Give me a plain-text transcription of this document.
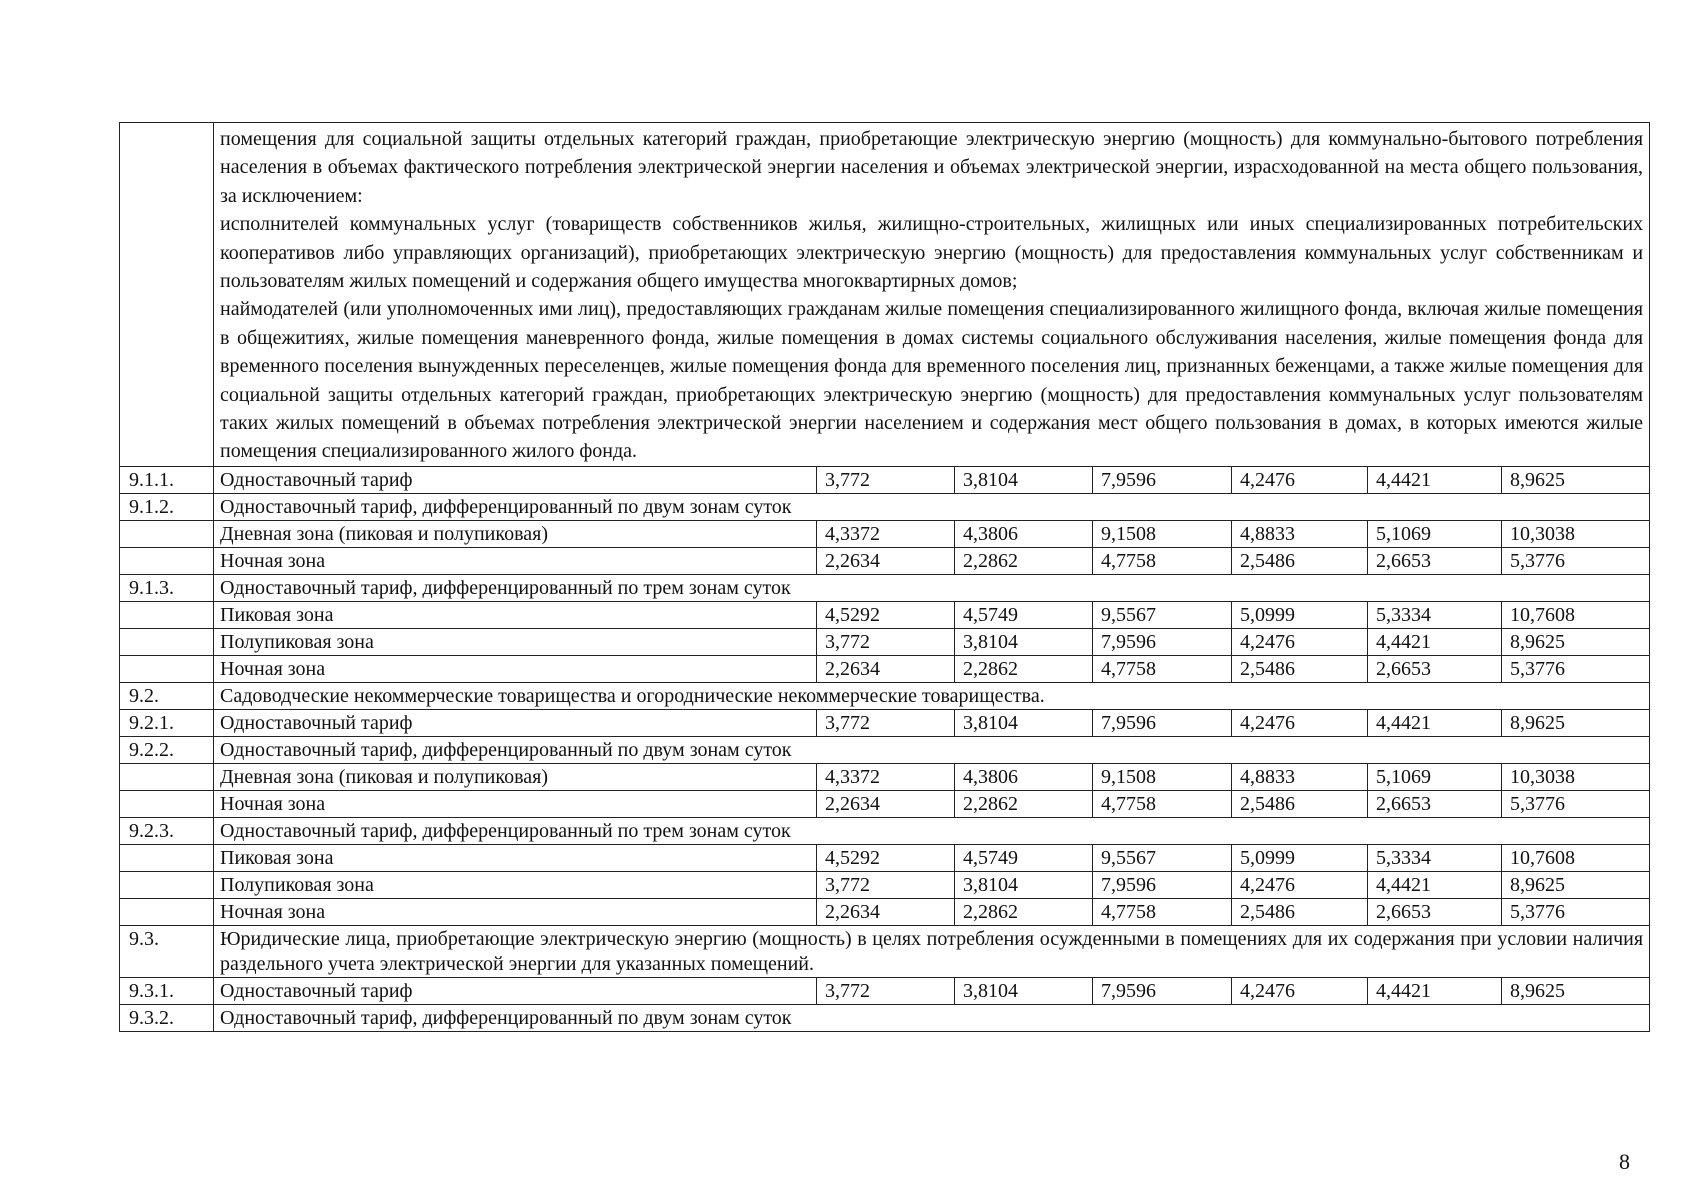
	помещения для социальной защиты отдельных категорий граждан, приобретающие электрическую энергию (мощность) для коммунально-бытового потребления населения в объемах фактического потребления электрической энергии населения и объемах электрической энергии, израсходованной на места общего пользования, за исключением:

исполнителей коммунальных услуг (товариществ собственников жилья, жилищно-строительных, жилищных или иных специализированных потребительских кооперативов либо управляющих организаций), приобретающих электрическую энергию (мощность) для предоставления коммунальных услуг собственникам и пользователям жилых помещений и содержания общего имущества многоквартирных домов;

наймодателей (или уполномоченных ими лиц), предоставляющих гражданам жилые помещения специализированного жилищного фонда, включая жилые помещения в общежитиях, жилые помещения маневренного фонда, жилые помещения в домах системы социального обслуживания населения, жилые помещения фонда для временного поселения вынужденных переселенцев, жилые помещения фонда для временного поселения лиц, признанных беженцами, а также жилые помещения для социальной защиты отдельных категорий граждан, приобретающих электрическую энергию (мощность) для предоставления коммунальных услуг пользователям таких жилых помещений в объемах потребления электрической энергии населением и содержания мест общего пользования в домах, в которых имеются жилые помещения специализированного жилого фонда.						

9.1.1.	Одноставочный тариф	3,772	3,8104	7,9596	4,2476	4,4421	8,9625
9.1.2.	Одноставочный тариф, дифференцированный по двум зонам суток						
	Дневная зона (пиковая и полупиковая)	4,3372	4,3806	9,1508	4,8833	5,1069	10,3038
	Ночная зона	2,2634	2,2862	4,7758	2,5486	2,6653	5,3776
9.1.3.	Одноставочный тариф, дифференцированный по трем зонам суток						
	Пиковая зона	4,5292	4,5749	9,5567	5,0999	5,3334	10,7608
	Полупиковая зона	3,772	3,8104	7,9596	4,2476	4,4421	8,9625
	Ночная зона	2,2634	2,2862	4,7758	2,5486	2,6653	5,3776
9.2.	Садоводческие некоммерческие товарищества и огороднические некоммерческие товарищества.						
9.2.1.	Одноставочный тариф	3,772	3,8104	7,9596	4,2476	4,4421	8,9625
9.2.2.	Одноставочный тариф, дифференцированный по двум зонам суток						
	Дневная зона (пиковая и полупиковая)	4,3372	4,3806	9,1508	4,8833	5,1069	10,3038
	Ночная зона	2,2634	2,2862	4,7758	2,5486	2,6653	5,3776
9.2.3.	Одноставочный тариф, дифференцированный по трем зонам суток						
	Пиковая зона	4,5292	4,5749	9,5567	5,0999	5,3334	10,7608
	Полупиковая зона	3,772	3,8104	7,9596	4,2476	4,4421	8,9625
	Ночная зона	2,2634	2,2862	4,7758	2,5486	2,6653	5,3776
9.3.	Юридические лица, приобретающие электрическую энергию (мощность) в целях потребления осужденными в помещениях для их содержания при условии наличия раздельного учета электрической энергии для указанных помещений.						
9.3.1.	Одноставочный тариф	3,772	3,8104	7,9596	4,2476	4,4421	8,9625
9.3.2.	Одноставочный тариф, дифференцированный по двум зонам суток						
8
